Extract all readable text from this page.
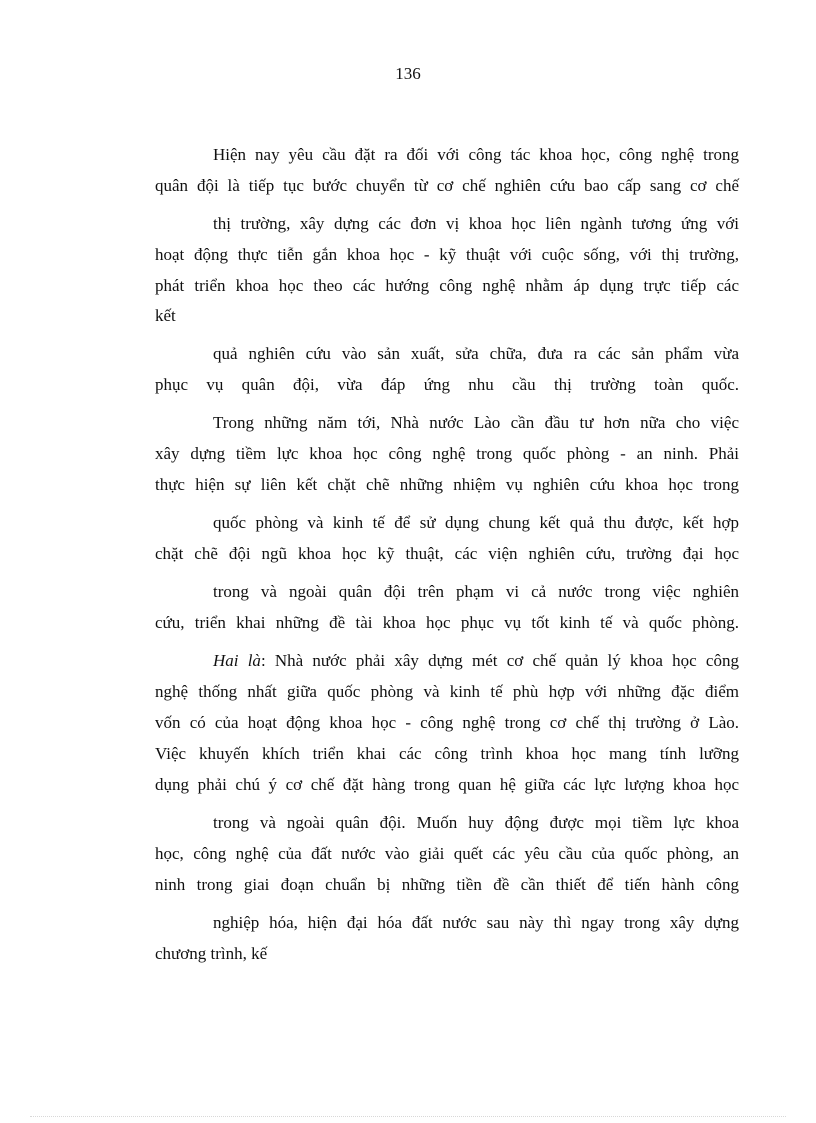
136
Hiện nay yêu cầu đặt ra đối với công tác khoa học, công nghệ trong
quân đội là tiếp tục bước chuyển từ cơ chế nghiên cứu bao cấp sang cơ chế
thị trường, xây dựng các đơn vị khoa học liên ngành tương ứng với
hoạt động thực tiễn gắn khoa học - kỹ thuật với cuộc sống, với thị trường,
phát triển khoa học theo các hướng công nghệ nhằm áp dụng trực tiếp các
kết
quả nghiên cứu vào sản xuất, sửa chữa, đưa ra các sản phẩm vừa
phục vụ quân đội, vừa đáp ứng nhu cầu thị trường toàn quốc.
Trong những năm tới, Nhà nước Lào cần đầu tư hơn nữa cho việc
xây dựng tiềm lực khoa học công nghệ trong quốc phòng - an ninh. Phải
thực hiện sự liên kết chặt chẽ những nhiệm vụ nghiên cứu khoa học trong
quốc phòng và kinh tế để sử dụng chung kết quả thu được, kết hợp
chặt chẽ đội ngũ khoa học kỹ thuật, các viện nghiên cứu, trường đại học
trong và ngoài quân đội trên phạm vi cả nước trong việc nghiên
cứu, triển khai những đề tài khoa học phục vụ tốt kinh tế và quốc phòng.
Hai là: Nhà nước phải xây dựng mét cơ chế quản lý khoa học công
nghệ thống nhất giữa quốc phòng và kinh tế phù hợp với những đặc điểm
vốn có của hoạt động khoa học - công nghệ trong cơ chế thị trường ở Lào.
Việc khuyến khích triển khai các công trình khoa học mang tính lưỡng
dụng phải chú ý cơ chế đặt hàng trong quan hệ giữa các lực lượng khoa học
trong và ngoài quân đội. Muốn huy động được mọi tiềm lực khoa
học, công nghệ của đất nước vào giải quết các yêu cầu của quốc phòng, an
ninh trong giai đoạn chuẩn bị những tiền đề cần thiết để tiến hành công
nghiệp hóa, hiện đại hóa đất nước sau này thì ngay trong xây dựng
chương trình, kế
